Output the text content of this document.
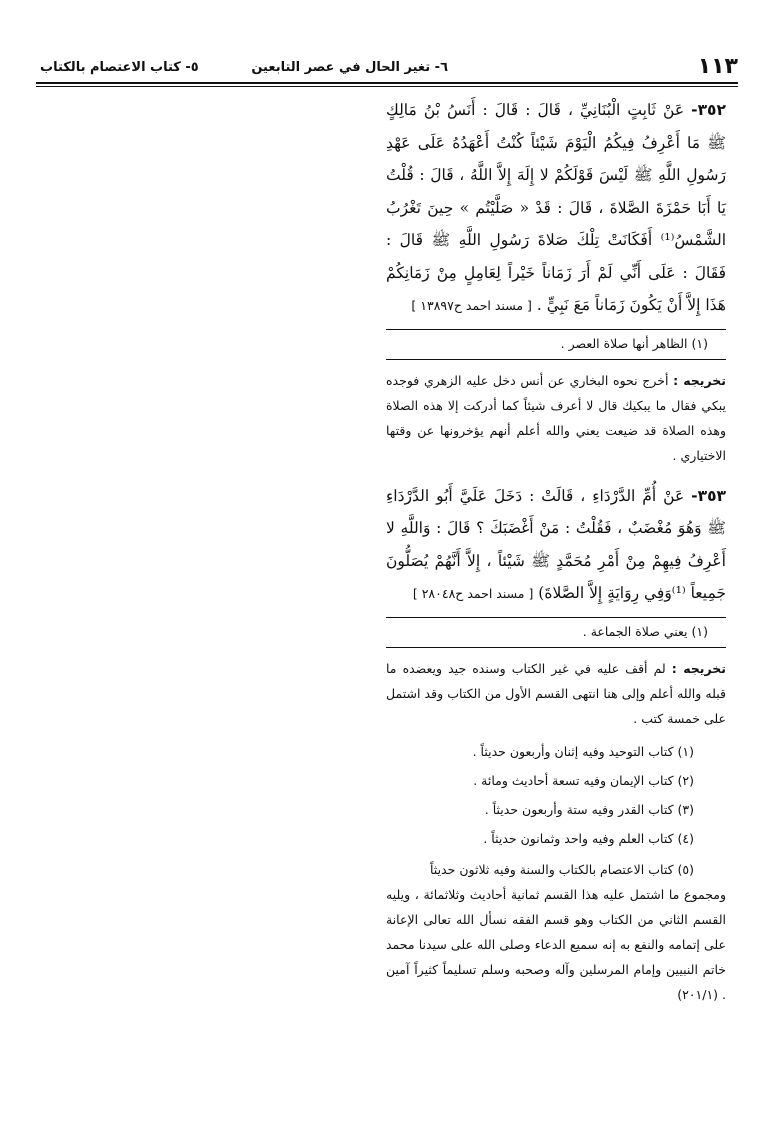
١١٣
٦- تغير الحال في عصر التابعين
٥- كتاب الاعتصام بالكتاب

٣٥٢- عَنْ ثَابِتٍ الْبُنَانِيِّ ، قَالَ : قَالَ : أَنَسُ بْنُ مَالِكٍ ﷺ مَا أَعْرِفُ فِيكُمُ الْيَوْمَ شَيْئاً كُنْتُ أَعْهَدُهُ عَلَى عَهْدِ رَسُولِ اللَّهِ ﷺ لَيْسَ قَوْلَكُمْ لا إِلَهَ إِلاَّ اللَّهُ ، قَالَ : قُلْتُ يَا أَبَا حَمْزَةَ الصَّلاةَ ، قَالَ : قَدْ « صَلَّيْتُم » حِينَ تَغْرُبُ الشَّمْسُ⁽¹⁾ أَفَكَانَتْ تِلْكَ صَلاةَ رَسُولِ اللَّهِ ﷺ قَالَ : فَقَالَ : عَلَى أَنِّي لَمْ أَرَ زَمَاناً خَيْراً لِعَامِلٍ مِنْ زَمَانِكُمْ هَذَا إِلاَّ أَنْ يَكُونَ زَمَاناً مَعَ نَبِيٍّ . [ مسند احمد ح١٣٨٩٧ ]

(١) الظاهر أنها صلاة العصر .

تخريجه : أخرج نحوه البخاري عن أنس دخل عليه الزهري فوجده يبكي فقال ما يبكيك قال لا أعرف شيئاً كما أدركت إلا هذه الصلاة وهذه الصلاة قد ضيعت يعني والله أعلم أنهم يؤخرونها عن وقتها الاختياري .

٣٥٣- عَنْ أُمِّ الدَّرْدَاءِ ، قَالَتْ : دَخَلَ عَلَيَّ أَبُو الدَّرْدَاءِ ﷺ وَهُوَ مُغْضَبٌ ، فَقُلْتُ : مَنْ أَغْضَبَكَ ؟ قَالَ : وَاللَّهِ لا أَعْرِفُ فِيهِمْ مِنْ أَمْرِ مُحَمَّدٍ ﷺ شَيْئاً ، إِلاَّ أَنَّهُمْ يُصَلُّونَ جَمِيعاً ⁽¹⁾وَفِي رِوَايَةٍ إِلاَّ الصَّلاةَ) [ مسند احمد ح٢٨٠٤٨ ]

(١) يعني صلاة الجماعة .

تخريجه : لم أقف عليه في غير الكتاب وسنده جيد ويعضده ما قبله والله أعلم وإلى هنا انتهى القسم الأول من الكتاب وقد اشتمل على خمسة كتب .

(١) كتاب التوحيد وفيه إثنان وأربعون حديثاً .
(٢) كتاب الإيمان وفيه تسعة أحاديث ومائة .
(٣) كتاب القدر وفيه ستة وأربعون حديثاً .
(٤) كتاب العلم وفيه واحد وثمانون حديثاً .

(٥) كتاب الاعتصام بالكتاب والسنة وفيه ثلاثون حديثاً
ومجموع ما اشتمل عليه هذا القسم ثمانية أحاديث وثلاثمائة ، ويليه القسم الثاني من الكتاب وهو قسم الفقه نسأل الله تعالى الإعانة على إتمامه والنفع به إنه سميع الدعاء وصلى الله على سيدنا محمد خاتم النبيين وإمام المرسلين وآله وصحبه وسلم تسليماً كثيراً آمين . (٢٠١/١)
